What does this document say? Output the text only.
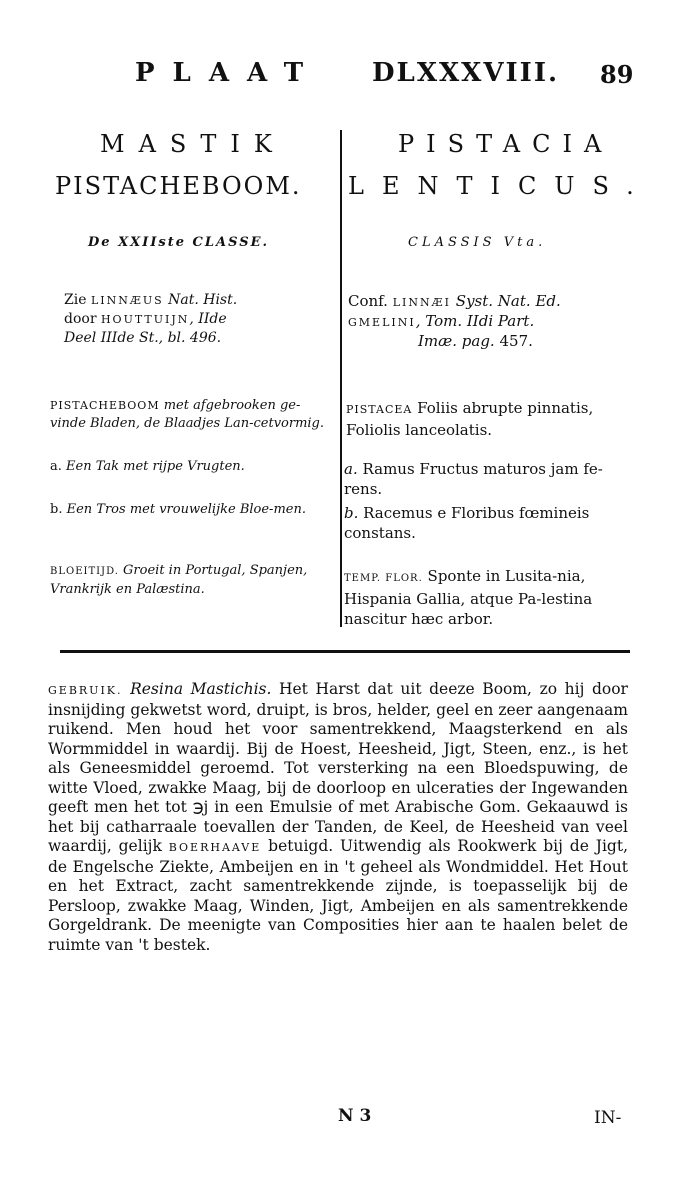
PLAAT DLXXXVIII. 89
MASTIK
PISTACHEBOOM.
De XXIIste CLASSE.
Zie LINNÆUS Nat. Hist.
door HOUTTUIJN, IIde
Deel IIIde St., bl. 496.
PISTACHEBOOM met afgebrooken ge-vinde Bladen, de Blaadjes Lan-cetvormig.
a. Een Tak met rijpe Vrugten.
b. Een Tros met vrouwelijke Bloe-men.
BLOEITIJD. Groeit in Portugal, Spanjen, Vrankrijk en Palæstina.
PISTACIA
LENTICUS.
CLASSIS Vta.
Conf. LINNÆI Syst. Nat. Ed.
GMELINI, Tom. IIdi Part.
Imæ. pag. 457.
PISTACEA Foliis abrupte pinnatis, Foliolis lanceolatis.
a. Ramus Fructus maturos jam fe-rens.
b. Racemus e Floribus fœmineis constans.
TEMP. FLOR. Sponte in Lusita-nia, Hispania Gallia, atque Pa-lestina nascitur hæc arbor.
GEBRUIK. Resina Mastichis. Het Harst dat uit deeze Boom, zo hij door insnijding gekwetst word, druipt, is bros, helder, geel en zeer aangenaam ruikend. Men houd het voor samentrekkend, Maagsterkend en als Wormmiddel in waardij. Bij de Hoest, Heesheid, Jigt, Steen, enz., is het als Geneesmiddel geroemd. Tot versterking na een Bloedspuwing, de witte Vloed, zwakke Maag, bij de doorloop en ulceraties der Ingewanden geeft men het tot ℈j in een Emulsie of met Arabische Gom. Gekaauwd is het bij catharraale toevallen der Tanden, de Keel, de Heesheid van veel waardij, gelijk BOERHAAVE betuigd. Uitwendig als Rookwerk bij de Jigt, de Engelsche Ziekte, Ambeijen en in 't geheel als Wondmiddel. Het Hout en het Extract, zacht samentrekkende zijnde, is toepasselijk bij de Persloop, zwakke Maag, Winden, Jigt, Ambeijen en als samentrekkende Gorgeldrank. De meenigte van Composities hier aan te haalen belet de ruimte van 't bestek.
N 3	IN-
